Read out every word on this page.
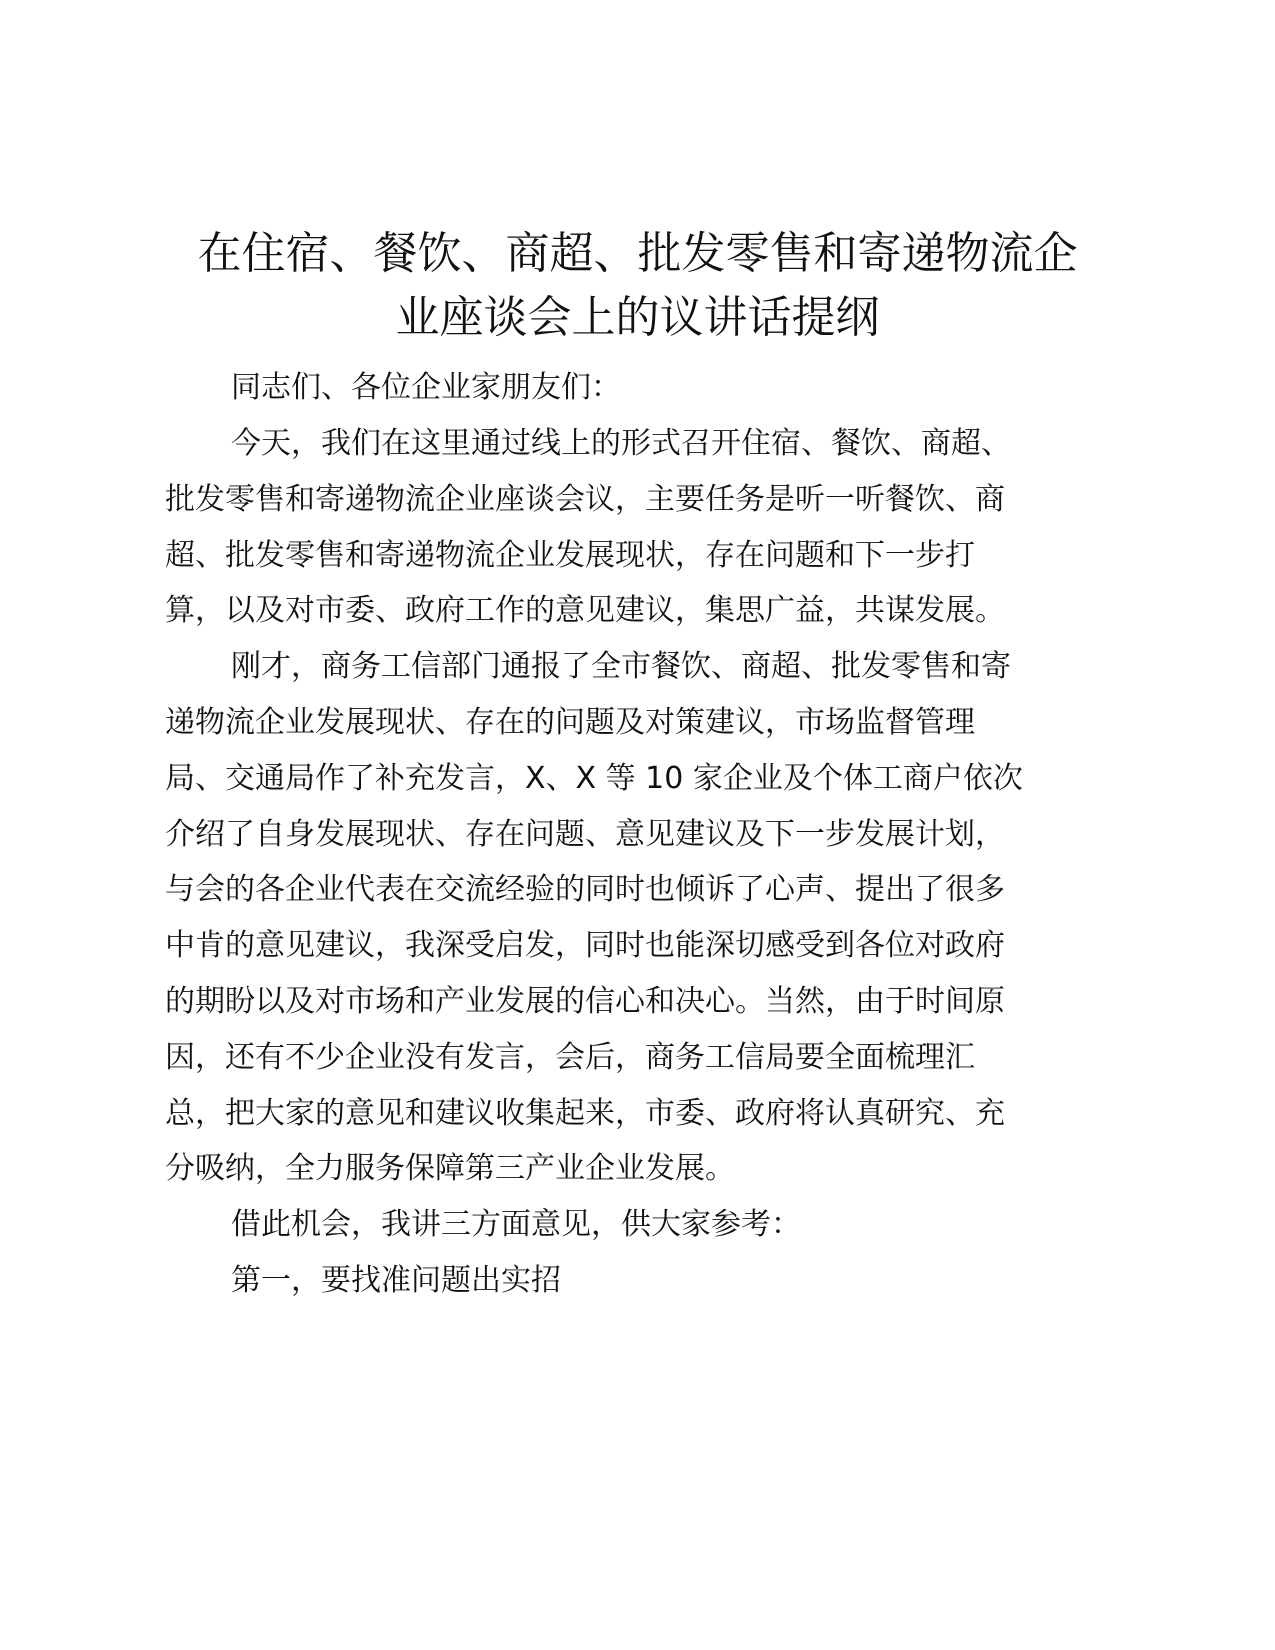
在住宿、餐饮、商超、批发零售和寄递物流企
业座谈会上的议讲话提纲
同志们、各位企业家朋友们：
今天，我们在这里通过线上的形式召开住宿、餐饮、商超、
批发零售和寄递物流企业座谈会议，主要任务是听一听餐饮、商
超、批发零售和寄递物流企业发展现状，存在问题和下一步打
算，以及对市委、政府工作的意见建议，集思广益，共谋发展。
刚才，商务工信部门通报了全市餐饮、商超、批发零售和寄
递物流企业发展现状、存在的问题及对策建议，市场监督管理
局、交通局作了补充发言，X、X 等 10 家企业及个体工商户依次
介绍了自身发展现状、存在问题、意见建议及下一步发展计划，
与会的各企业代表在交流经验的同时也倾诉了心声、提出了很多
中肯的意见建议，我深受启发，同时也能深切感受到各位对政府
的期盼以及对市场和产业发展的信心和决心。当然，由于时间原
因，还有不少企业没有发言，会后，商务工信局要全面梳理汇
总，把大家的意见和建议收集起来，市委、政府将认真研究、充
分吸纳，全力服务保障第三产业企业发展。
借此机会，我讲三方面意见，供大家参考：
第一，要找准问题出实招
